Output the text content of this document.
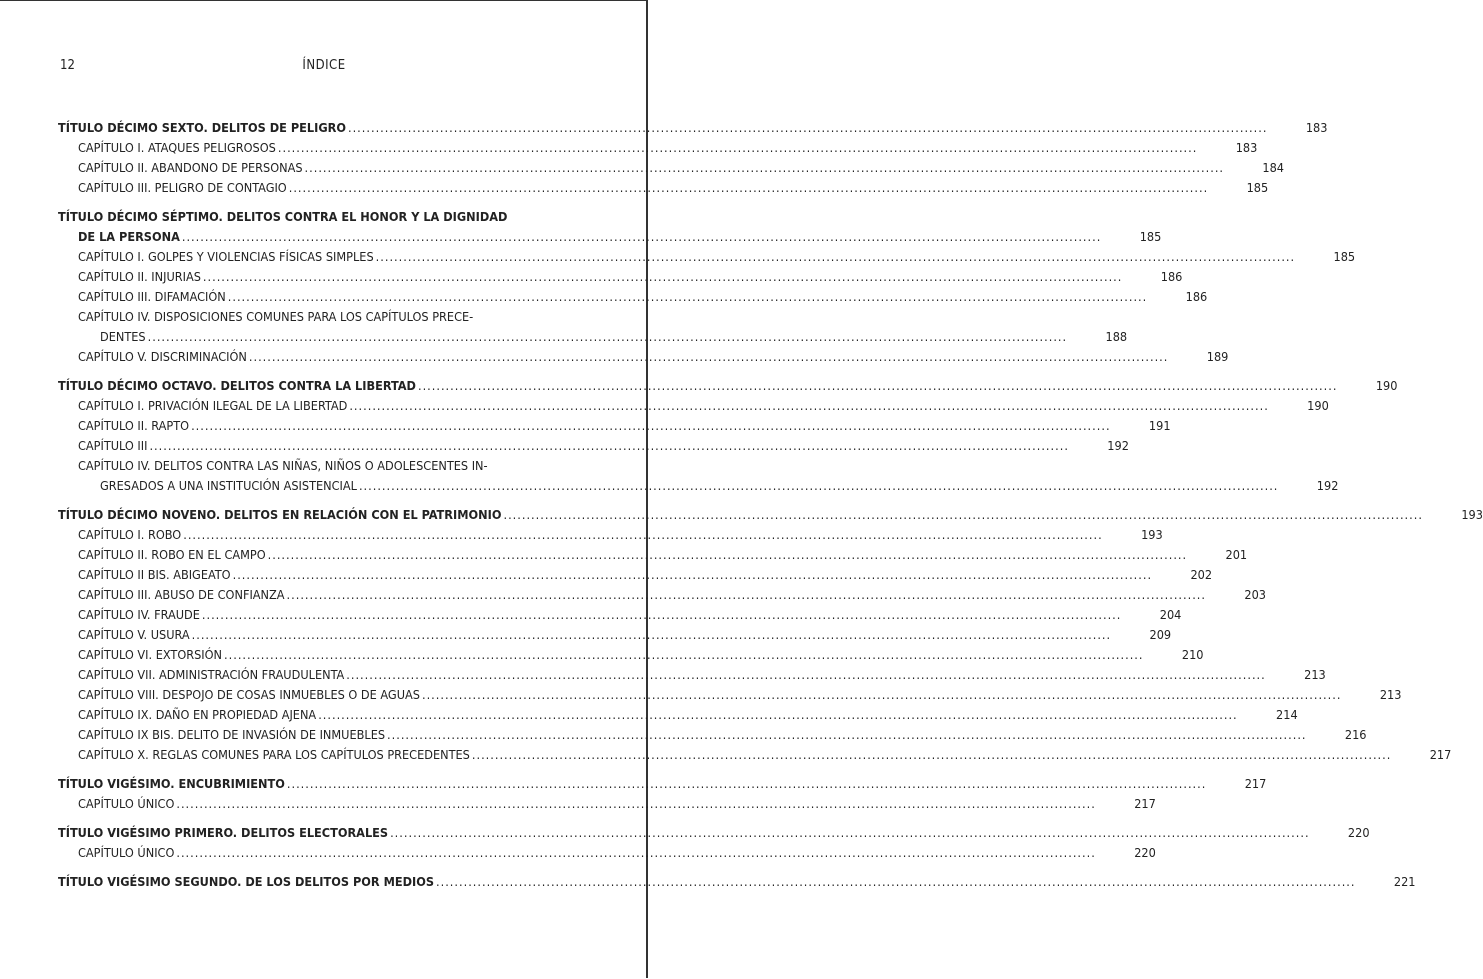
12	ÍNDICE
TÍTULO DÉCIMO SEXTO. DELITOS DE PELIGRO .....	183
CAPÍTULO I. ATAQUES PELIGROSOS .....	183
CAPÍTULO II. ABANDONO DE PERSONAS .....	184
CAPÍTULO III. PELIGRO DE CONTAGIO .....	185
TÍTULO DÉCIMO SÉPTIMO. DELITOS CONTRA EL HONOR Y LA DIGNIDAD
DE LA PERSONA .....	185
CAPÍTULO I. GOLPES Y VIOLENCIAS FÍSICAS SIMPLES .....	185
CAPÍTULO II. INJURIAS .....	186
CAPÍTULO III. DIFAMACIÓN .....	186
CAPÍTULO IV. DISPOSICIONES COMUNES PARA LOS CAPÍTULOS PRECE-
DENTES .....	188
CAPÍTULO V. DISCRIMINACIÓN .....	189
TÍTULO DÉCIMO OCTAVO. DELITOS CONTRA LA LIBERTAD .....	190
CAPÍTULO I. PRIVACIÓN ILEGAL DE LA LIBERTAD .....	190
CAPÍTULO II. RAPTO .....	191
CAPÍTULO III .....	192
CAPÍTULO IV. DELITOS CONTRA LAS NIÑAS, NIÑOS O ADOLESCENTES IN-
GRESADOS A UNA INSTITUCIÓN ASISTENCIAL .....	192
TÍTULO DÉCIMO NOVENO. DELITOS EN RELACIÓN CON EL PATRIMONIO .....	193
CAPÍTULO I. ROBO .....	193
CAPÍTULO II. ROBO EN EL CAMPO .....	201
CAPÍTULO II BIS. ABIGEATO .....	202
CAPÍTULO III. ABUSO DE CONFIANZA .....	203
CAPÍTULO IV. FRAUDE .....	204
CAPÍTULO V. USURA .....	209
CAPÍTULO VI. EXTORSIÓN .....	210
CAPÍTULO VII. ADMINISTRACIÓN FRAUDULENTA .....	213
CAPÍTULO VIII. DESPOJO DE COSAS INMUEBLES O DE AGUAS .....	213
CAPÍTULO IX. DAÑO EN PROPIEDAD AJENA .....	214
CAPÍTULO IX BIS. DELITO DE INVASIÓN DE INMUEBLES .....	216
CAPÍTULO X. REGLAS COMUNES PARA LOS CAPÍTULOS PRECEDENTES .....	217
TÍTULO VIGÉSIMO. ENCUBRIMIENTO .....	217
CAPÍTULO ÚNICO .....	217
TÍTULO VIGÉSIMO PRIMERO. DELITOS ELECTORALES .....	220
CAPÍTULO ÚNICO .....	220
TÍTULO VIGÉSIMO SEGUNDO. DE LOS DELITOS POR MEDIOS .....	221
